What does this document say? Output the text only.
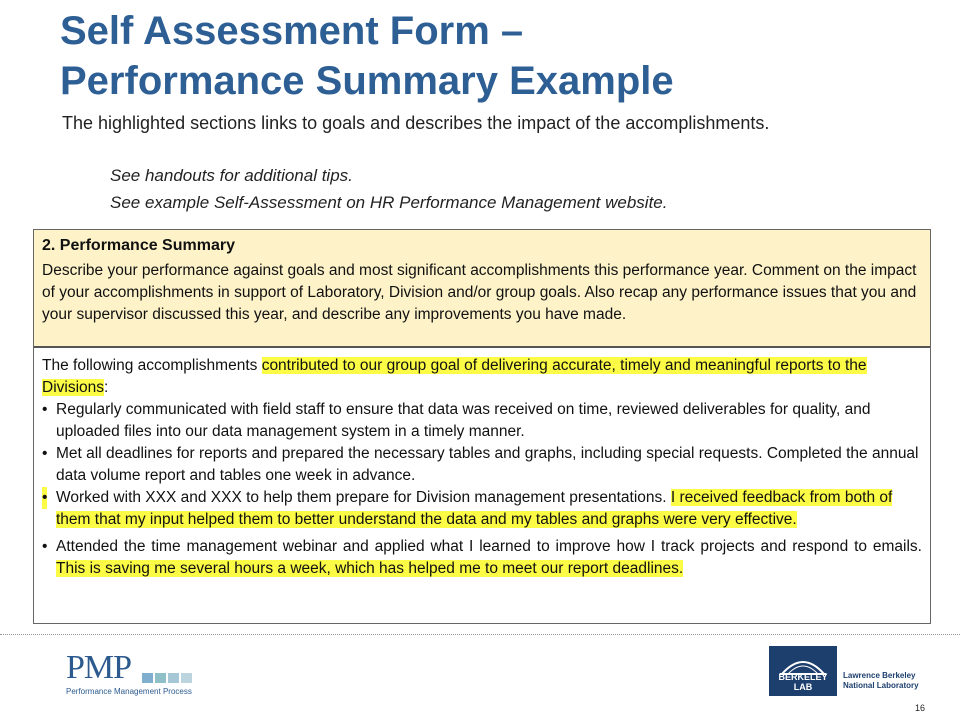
Self Assessment Form –
Performance Summary Example
The highlighted sections links to goals and describes the impact of the accomplishments.
See handouts for additional tips.
See example Self-Assessment on HR Performance Management website.
2. Performance Summary
Describe your performance against goals and most significant accomplishments this performance year. Comment on the impact of your accomplishments in support of Laboratory, Division and/or group goals. Also recap any performance issues that you and your supervisor discussed this year, and describe any improvements you have made.
The following accomplishments contributed to our group goal of delivering accurate, timely and meaningful reports to the Divisions:
• Regularly communicated with field staff to ensure that data was received on time, reviewed deliverables for quality, and uploaded files into our data management system in a timely manner.
• Met all deadlines for reports and prepared the necessary tables and graphs, including special requests. Completed the annual data volume report and tables one week in advance.
• Worked with XXX and XXX to help them prepare for Division management presentations. I received feedback from both of them that my input helped them to better understand the data and my tables and graphs were very effective.
• Attended the time management webinar and applied what I learned to improve how I track projects and respond to emails. This is saving me several hours a week, which has helped me to meet our report deadlines.
PMP
Performance Management Process
BERKELEY LAB
Lawrence Berkeley
National Laboratory
16
